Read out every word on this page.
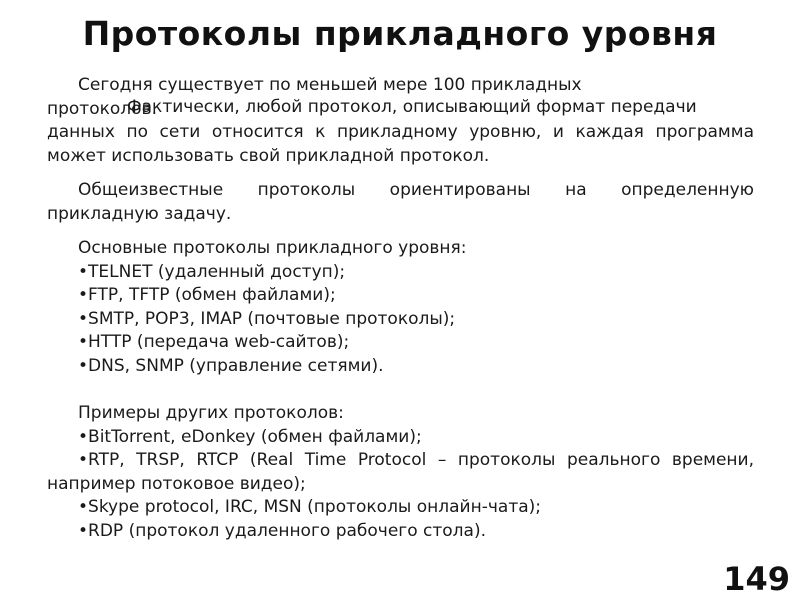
Протоколы прикладного уровня

Сегодня существует по меньшей мере 100 прикладных

протоколов.
Фактически, любой протокол, описывающий формат передачи

данных по сети относится к прикладному уровню, и каждая программа может использовать свой прикладной протокол.

Общеизвестные протоколы ориентированы на определенную прикладную задачу.

Основные протоколы прикладного уровня:

•TELNET (удаленный доступ);

•FTP, TFTP (обмен файлами);

•SMTP, POP3, IMAP (почтовые протоколы);

•HTTP (передача web-сайтов);

•DNS, SNMP (управление сетями).

Примеры других протоколов:

•BitTorrent, eDonkey (обмен файлами);

•RTP, TRSP, RTCP (Real Time Protocol – протоколы реального времени, например потоковое видео);

•Skype protocol, IRC, MSN (протоколы онлайн-чата);

•RDP (протокол удаленного рабочего стола).

149
